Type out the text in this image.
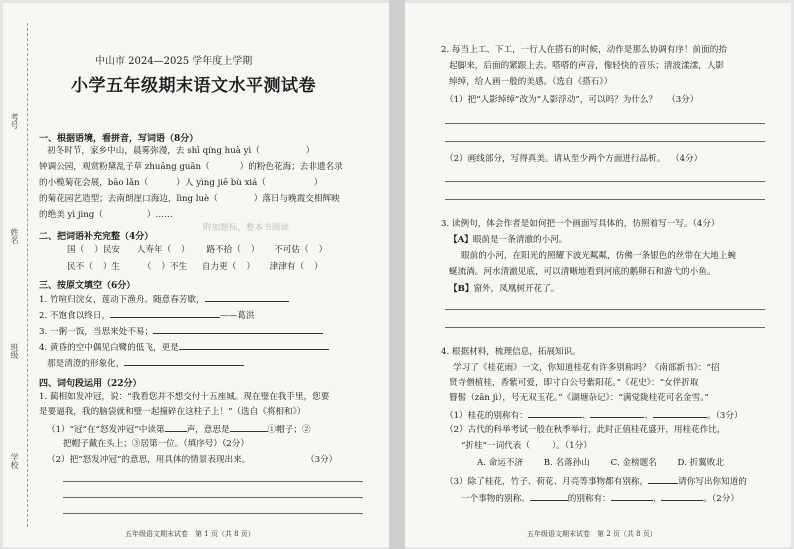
考号
姓名
班级
学校
中山市 2024—2025 学年度上学期
小学五年级期末语文水平测试卷
一、根据语境，看拼音，写词语（8分）
初冬时节，家乡中山，晨雾弥漫，去 shī qíng huà yì（	）
钟调公园，观赏粉黛乱子草 zhuāng guān（	）的粉色花海；去非遗名录
的小榄菊花会展，bāo lǎn（	）人 yìng jiē bù xiá（	）
的菊花园艺造型；去南朗崖口海边，lìng luè（	）落日与晚霞交相辉映
的绝美 yì jìng（	）……
附加题标，整本书阅读
二、把词语补充完整（4分）
国（ ）民安 人寿年（ ） 路不拾（ ） 不可估（ ）
民不（ ）生	（ ）不生 自力更（ ） 津津有（ ）
三、按原文填空（6分）
1. 竹喧归浣女，莲动下渔舟。随意春芳歇，
2. 不饱食以终日，	——葛洪
3. 一粥一饭，当思来处不易；
4. 黄昏的空中偶见白鹭的低飞，更是
那是清澄的形象化，
四、词句段运用（22分）
1. 蔺相如发冲冠，说：“我看您并不想交付十五座城。现在璧在我手里，您要
是要逼我，我的脑袋就和璧一起撞碎在这柱子上！”（选自《将相和》）
（1）“冠”在“怒发冲冠”中读第	声，意思是	①帽子；②
把帽子戴在头上；③居第一位。（填序号）（2分）
（2）把“怒发冲冠”的意思，用具体的情景表现出来。	（3分）
五年级语文期末试卷　第 1 页（共 8 页）
2. 每当上工、下工，一行人在搭石的时候，动作是那么协调有序！前面的抬
起脚来，后面的紧跟上去。嗒嗒的声音，像轻快的音乐；清波漾漾，人影
绰绰，给人画一般的美感。（选自《搭石》）
（1）把“人影绰绰”改为“人影浮动”，可以吗？为什么？ （3分）
（2）画线部分，写得真美。请从至少两个方面进行品析。 （4分）
3. 读例句，体会作者是如何把一个画面写具体的，仿照着写一写。（4分）
【A】眼前是一条清澈的小河。
眼前的小河，在阳光的照耀下波光粼粼，仿佛一条银色的丝带在大地上蜿
蜒流淌。河水清澈见底，可以清晰地看到河底的鹅卵石和游弋的小鱼。
【B】窗外，凤凰树开花了。
4. 根据材料，梳理信息，拓展知识。
学习了《桂花雨》一文，你知道桂花有许多别称吗？《南部新书》：“招
贤寺僧植桂，香紫可爱，即寸白公号紫阳花。”《花史》：“女伴折取
簪髻（zān jì），号无双玉花。”《湖塘杂记》：“满觉陇桂花可名金雪。”
（1）桂花的别称有：	、	、	。（3分）
（2）古代的科举考试一般在秋季举行，此时正值桂花盛开，用桂花作比，
“折桂”一词代表（	）。（1分）
A. 命运不济 B. 名落孙山 C. 金榜题名 D. 折翼败北
（3）除了桂花，竹子、荷花、月亮等事物都有别称，	请你写出你知道的
一个事物的别称。	的别称有：	、	。（2分）
五年级语文期末试卷　第 2 页（共 8 页）
